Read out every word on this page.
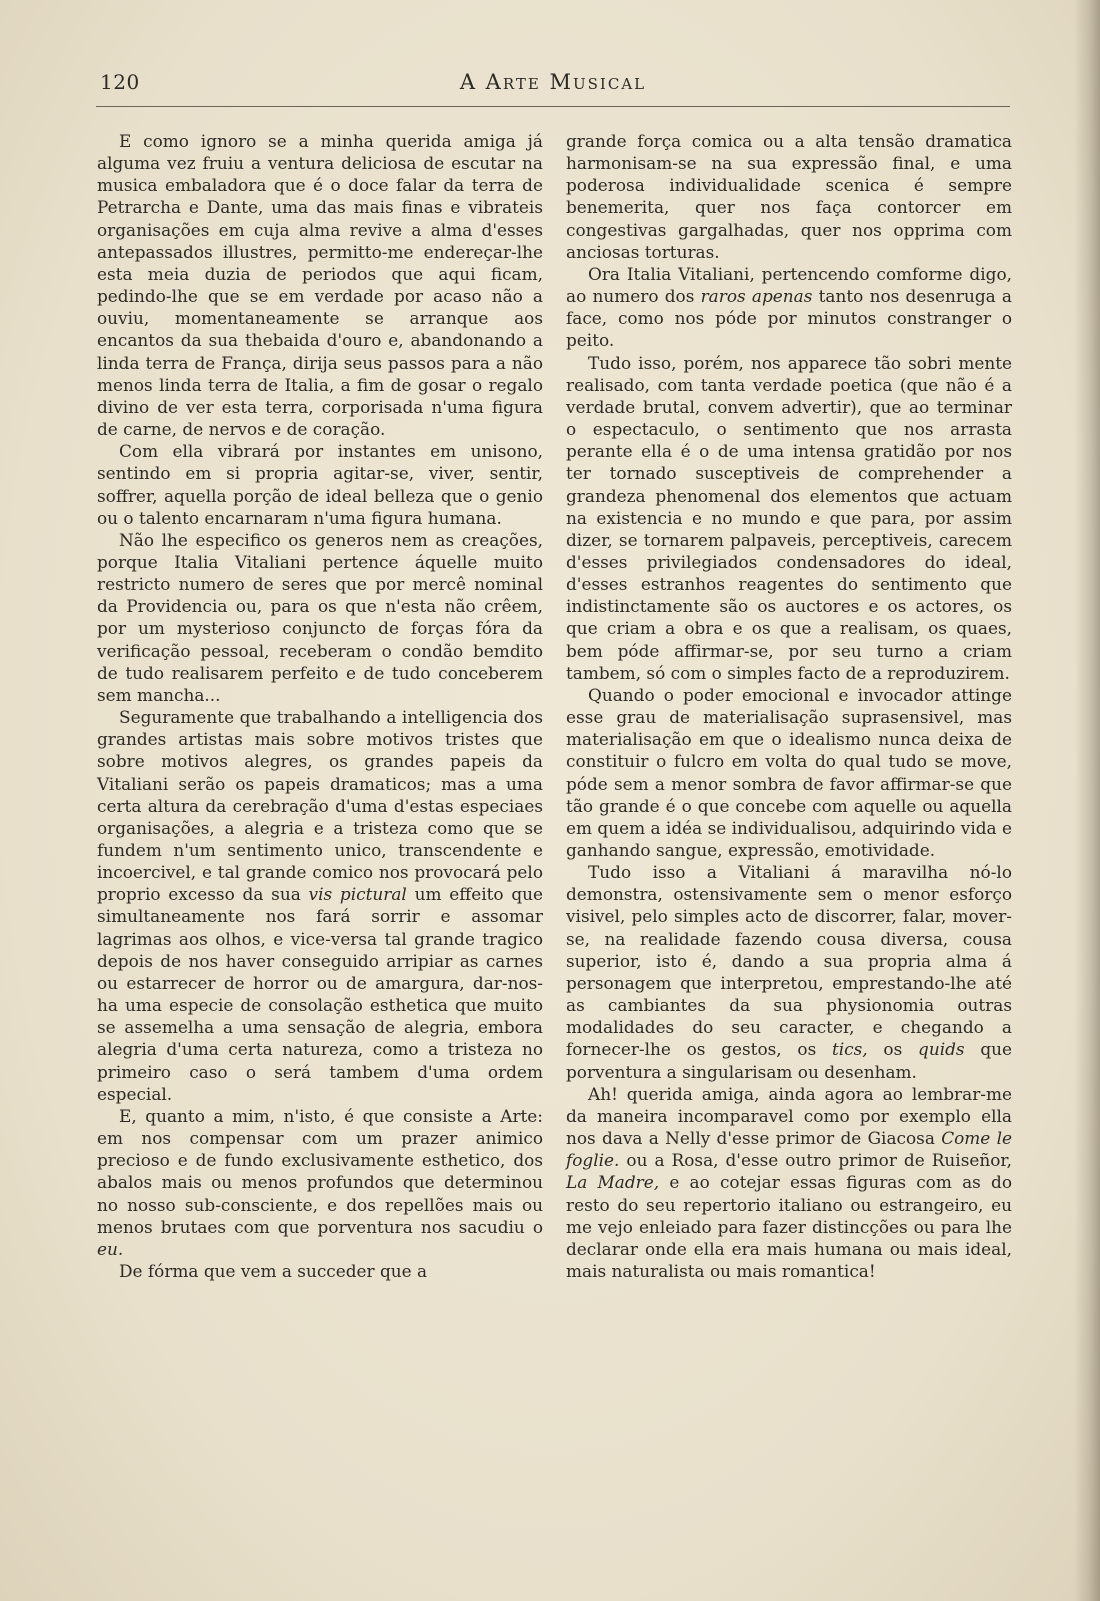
120	A Arte Musical

E como ignoro se a minha querida amiga já alguma vez fruiu a ventura deliciosa de escutar na musica embaladora que é o doce falar da terra de Petrarcha e Dante, uma das mais finas e vibrateis organisações em cuja alma revive a alma d'esses antepassados illustres, permitto-me endereçar-lhe esta meia duzia de periodos que aqui ficam, pedindo-lhe que se em verdade por acaso não a ouviu, momentaneamente se arranque aos encantos da sua thebaida d'ouro e, abandonando a linda terra de França, dirija seus passos para a não menos linda terra de Italia, a fim de gosar o regalo divino de ver esta terra, corporisada n'uma figura de carne, de nervos e de coração.

Com ella vibrará por instantes em unisono, sentindo em si propria agitar-se, viver, sentir, soffrer, aquella porção de ideal belleza que o genio ou o talento encarnaram n'uma figura humana.

Não lhe especifico os generos nem as creações, porque Italia Vitaliani pertence áquelle muito restricto numero de seres que por mercê nominal da Providencia ou, para os que n'esta não crêem, por um mysterioso conjuncto de forças fóra da verificação pessoal, receberam o condão bemdito de tudo realisarem perfeito e de tudo conceberem sem mancha...

Seguramente que trabalhando a intelligencia dos grandes artistas mais sobre motivos tristes que sobre motivos alegres, os grandes papeis da Vitaliani serão os papeis dramaticos; mas a uma certa altura da cerebração d'uma d'estas especiaes organisações, a alegria e a tristeza como que se fundem n'um sentimento unico, transcendente e incoercivel, e tal grande comico nos provocará pelo proprio excesso da sua vis pictural um effeito que simultaneamente nos fará sorrir e assomar lagrimas aos olhos, e vice-versa tal grande tragico depois de nos haver conseguido arripiar as carnes ou estarrecer de horror ou de amargura, dar-nos-ha uma especie de consolação esthetica que muito se assemelha a uma sensação de alegria, embora alegria d'uma certa natureza, como a tristeza no primeiro caso o será tambem d'uma ordem especial.

E, quanto a mim, n'isto, é que consiste a Arte: em nos compensar com um prazer animico precioso e de fundo exclusivamente esthetico, dos abalos mais ou menos profundos que determinou no nosso sub-consciente, e dos repellões mais ou menos brutaes com que porventura nos sacudiu o eu.

De fórma que vem a succeder que a

grande força comica ou a alta tensão dramatica harmonisam-se na sua expressão final, e uma poderosa individualidade scenica é sempre benemerita, quer nos faça contorcer em congestivas gargalhadas, quer nos opprima com anciosas torturas.

Ora Italia Vitaliani, pertencendo comforme digo, ao numero dos raros apenas tanto nos desenruga a face, como nos póde por minutos constranger o peito.

Tudo isso, porém, nos apparece tão sobri mente realisado, com tanta verdade poetica (que não é a verdade brutal, convem advertir), que ao terminar o espectaculo, o sentimento que nos arrasta perante ella é o de uma intensa gratidão por nos ter tornado susceptiveis de comprehender a grandeza phenomenal dos elementos que actuam na existencia e no mundo e que para, por assim dizer, se tornarem palpaveis, perceptiveis, carecem d'esses privilegiados condensadores do ideal, d'esses estranhos reagentes do sentimento que indistinctamente são os auctores e os actores, os que criam a obra e os que a realisam, os quaes, bem póde affirmar-se, por seu turno a criam tambem, só com o simples facto de a reproduzirem.

Quando o poder emocional e invocador attinge esse grau de materialisação suprasensivel, mas materialisação em que o idealismo nunca deixa de constituir o fulcro em volta do qual tudo se move, póde sem a menor sombra de favor affirmar-se que tão grande é o que concebe com aquelle ou aquella em quem a idéa se individualisou, adquirindo vida e ganhando sangue, expressão, emotividade.

Tudo isso a Vitaliani á maravilha nó-lo demonstra, ostensivamente sem o menor esforço visivel, pelo simples acto de discorrer, falar, mover-se, na realidade fazendo cousa diversa, cousa superior, isto é, dando a sua propria alma á personagem que interpretou, emprestando-lhe até as cambiantes da sua physionomia outras modalidades do seu caracter, e chegando a fornecer-lhe os gestos, os tics, os quids que porventura a singularisam ou desenham.

Ah! querida amiga, ainda agora ao lembrar-me da maneira incomparavel como por exemplo ella nos dava a Nelly d'esse primor de Giacosa Come le foglie. ou a Rosa, d'esse outro primor de Ruiseñor, La Madre, e ao cotejar essas figuras com as do resto do seu repertorio italiano ou estrangeiro, eu me vejo enleiado para fazer distincções ou para lhe declarar onde ella era mais humana ou mais ideal, mais naturalista ou mais romantica!
